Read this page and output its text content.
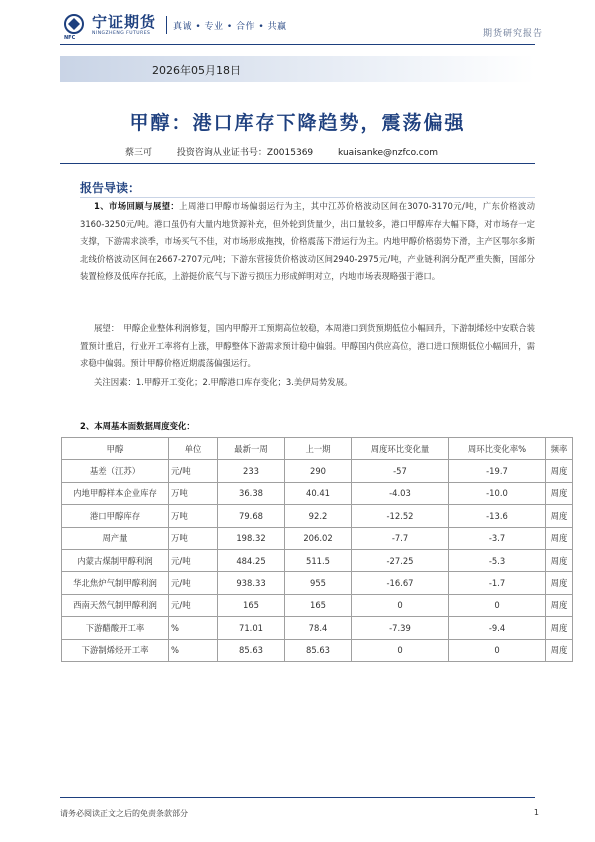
NFC
宁证期货
NINGZHENG FUTURES
真诚 • 专业 • 合作 • 共赢
期货研究报告
2026年05月18日
甲醇：港口库存下降趋势，震荡偏强
蔡三可	投资咨询从业证书号：Z0015369	kuaisanke@nzfco.com
报告导读：

1、市场回顾与展望：上周港口甲醇市场偏弱运行为主，其中江苏价格波动区间在3070-3170元/吨，广东价格波动3160-3250元/吨。港口虽仍有大量内地货源补充，但外轮到货量少，出口量较多，港口甲醇库存大幅下降，对市场存一定支撑，下游需求淡季，市场买气不佳，对市场形成拖拽，价格震荡下滑运行为主。内地甲醇价格弱势下滑，主产区鄂尔多斯北线价格波动区间在2667-2707元/吨；下游东营接货价格波动区间2940-2975元/吨，产业链利润分配严重失衡，国部分装置检修及低库存托底，上游挺价底气与下游亏损压力形成鲜明对立，内地市场表现略强于港口。

展望：　甲醇企业整体利润修复，国内甲醇开工预期高位较稳，本周港口到货预期低位小幅回升，下游制烯烃中安联合装置预计重启，行业开工率将有上涨，甲醇整体下游需求预计稳中偏弱。甲醇国内供应高位，港口进口预期低位小幅回升，需求稳中偏弱。预计甲醇价格近期震荡偏强运行。

关注因素：1.甲醇开工变化；2.甲醇港口库存变化；3.美伊局势发展。

2、本周基本面数据周度变化：
甲醇	单位	最新一周	上一期	周度环比变化量	周环比变化率%	频率
基差（江苏）	元/吨	233	290	-57	-19.7	周度
内地甲醇样本企业库存	万吨	36.38	40.41	-4.03	-10.0	周度
港口甲醇库存	万吨	79.68	92.2	-12.52	-13.6	周度
周产量	万吨	198.32	206.02	-7.7	-3.7	周度
内蒙古煤制甲醇利润	元/吨	484.25	511.5	-27.25	-5.3	周度
华北焦炉气制甲醇利润	元/吨	938.33	955	-16.67	-1.7	周度
西南天然气制甲醇利润	元/吨	165	165	0	0	周度
下游醋酸开工率	%	71.01	78.4	-7.39	-9.4	周度
下游制烯烃开工率	%	85.63	85.63	0	0	周度
请务必阅读正文之后的免责条款部分	1
